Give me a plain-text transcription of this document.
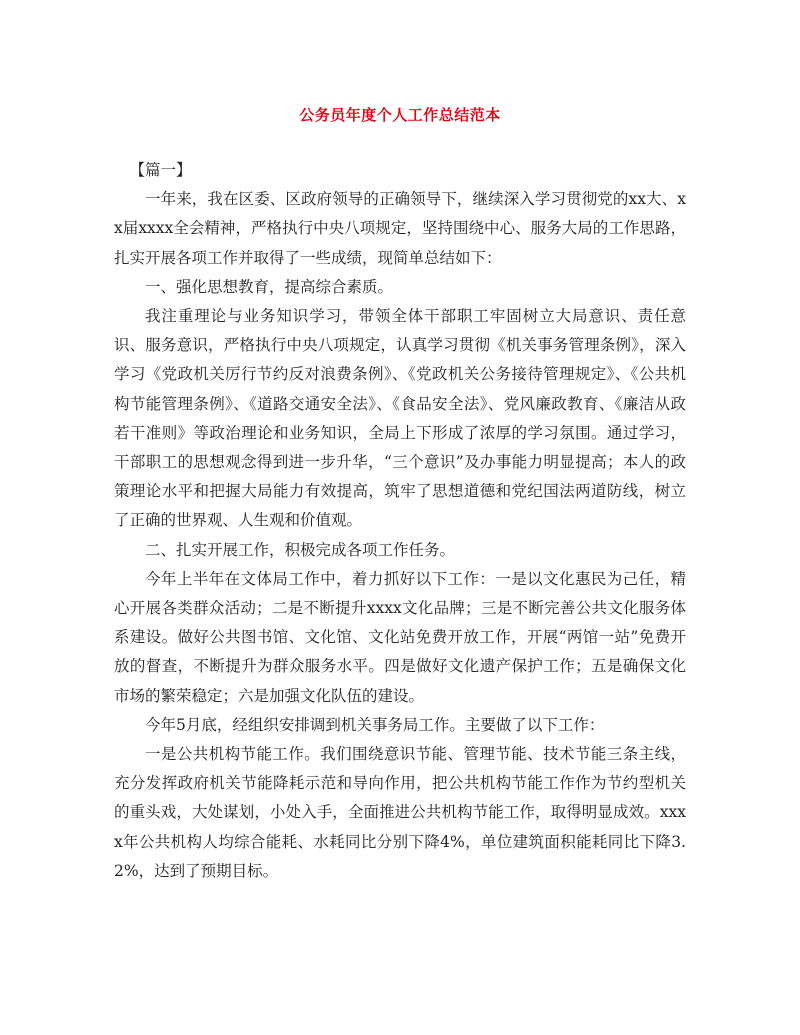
公务员年度个人工作总结范本

【篇一】

一年来，我在区委、区政府领导的正确领导下，继续深入学习贯彻党的xx大、xx届xxxx全会精神，严格执行中央八项规定，坚持围绕中心、服务大局的工作思路，扎实开展各项工作并取得了一些成绩，现简单总结如下：

一、强化思想教育，提高综合素质。

我注重理论与业务知识学习，带领全体干部职工牢固树立大局意识、责任意识、服务意识，严格执行中央八项规定，认真学习贯彻《机关事务管理条例》，深入学习《党政机关厉行节约反对浪费条例》、《党政机关公务接待管理规定》、《公共机构节能管理条例》、《道路交通安全法》、《食品安全法》、党风廉政教育、《廉洁从政若干准则》等政治理论和业务知识，全局上下形成了浓厚的学习氛围。通过学习，干部职工的思想观念得到进一步升华，“三个意识”及办事能力明显提高；本人的政策理论水平和把握大局能力有效提高，筑牢了思想道德和党纪国法两道防线，树立了正确的世界观、人生观和价值观。

二、扎实开展工作，积极完成各项工作任务。

今年上半年在文体局工作中，着力抓好以下工作：一是以文化惠民为己任，精心开展各类群众活动；二是不断提升xxxx文化品牌；三是不断完善公共文化服务体系建设。做好公共图书馆、文化馆、文化站免费开放工作，开展“两馆一站”免费开放的督查，不断提升为群众服务水平。四是做好文化遗产保护工作；五是确保文化市场的繁荣稳定；六是加强文化队伍的建设。

今年5月底，经组织安排调到机关事务局工作。主要做了以下工作：

一是公共机构节能工作。我们围绕意识节能、管理节能、技术节能三条主线，充分发挥政府机关节能降耗示范和导向作用，把公共机构节能工作作为节约型机关的重头戏，大处谋划，小处入手，全面推进公共机构节能工作，取得明显成效。xxxx年公共机构人均综合能耗、水耗同比分别下降4%，单位建筑面积能耗同比下降3.2%，达到了预期目标。
